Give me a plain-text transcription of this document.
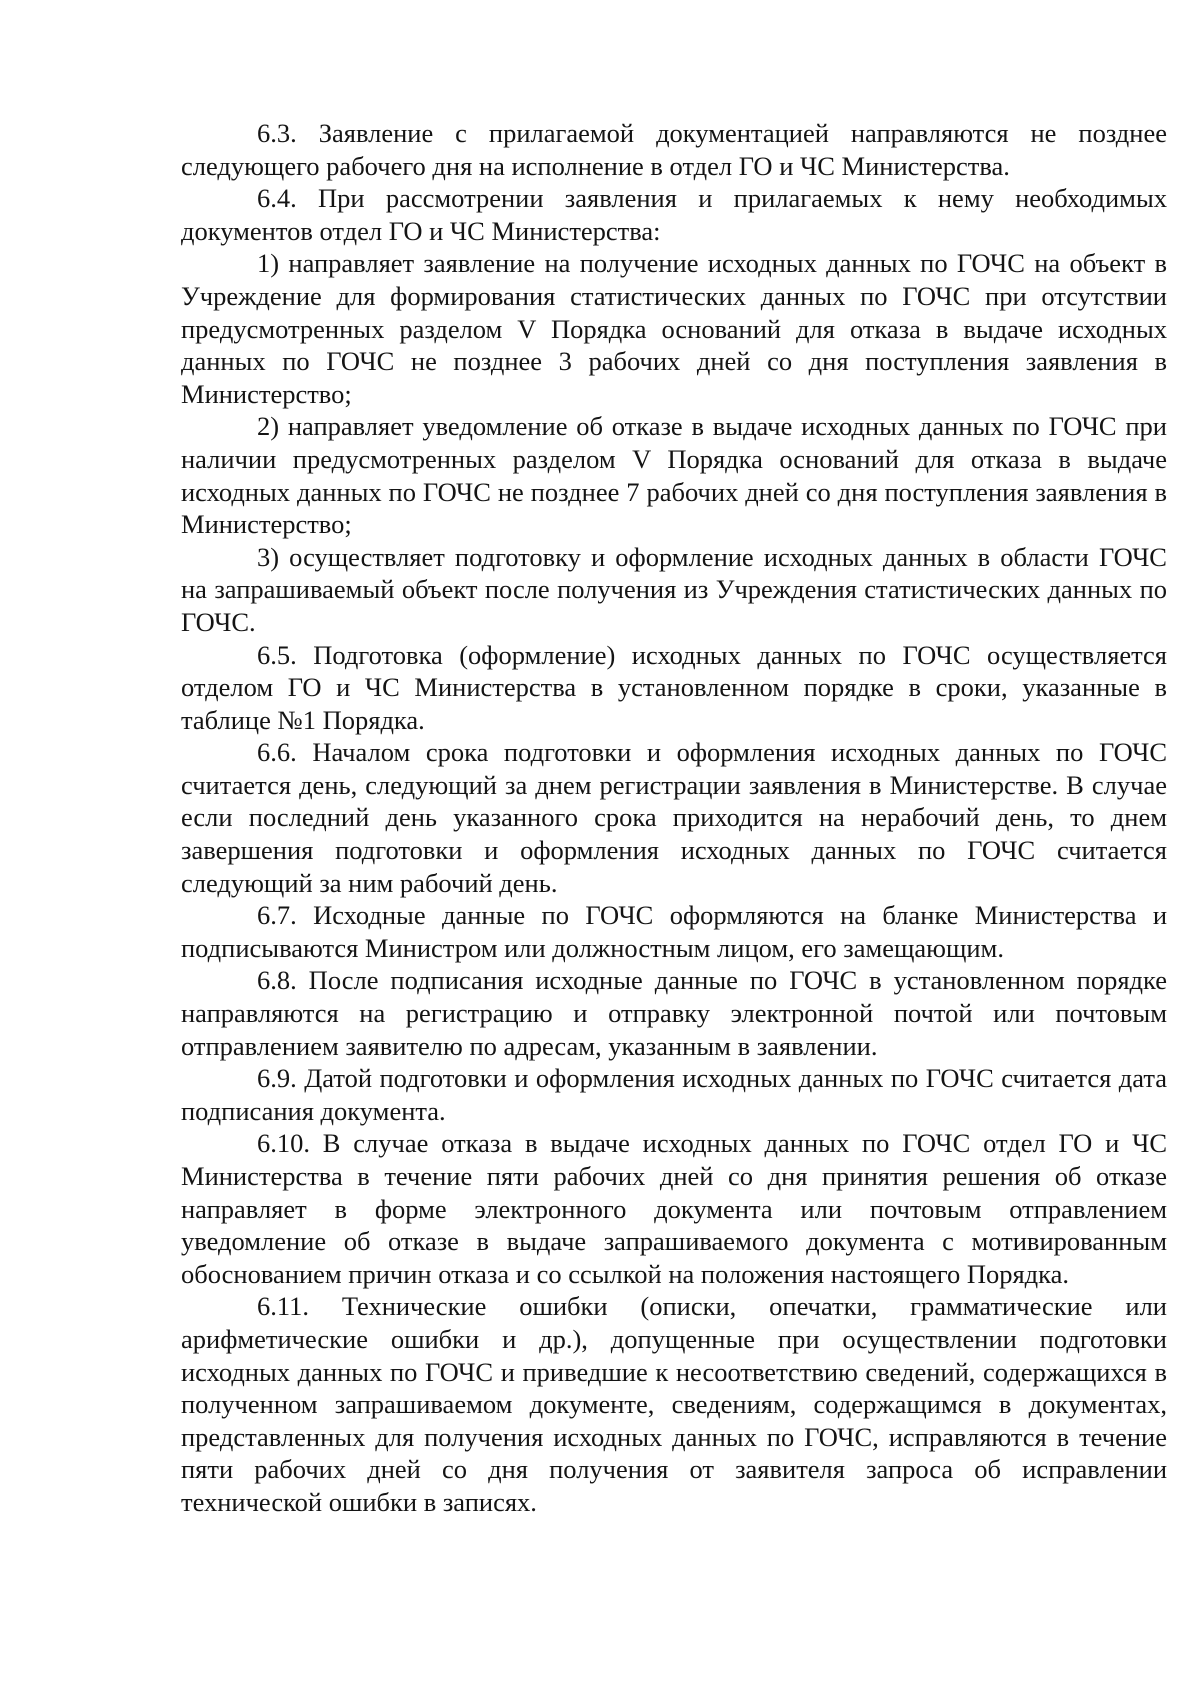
6.3. Заявление с прилагаемой документацией направляются не позднее следующего рабочего дня на исполнение в отдел ГО и ЧС Министерства.

6.4. При рассмотрении заявления и прилагаемых к нему необходимых документов отдел ГО и ЧС Министерства:

1) направляет заявление на получение исходных данных по ГОЧС на объект в Учреждение для формирования статистических данных по ГОЧС при отсутствии предусмотренных разделом V Порядка оснований для отказа в выдаче исходных данных по ГОЧС не позднее 3 рабочих дней со дня поступления заявления в Министерство;

2) направляет уведомление об отказе в выдаче исходных данных по ГОЧС при наличии предусмотренных разделом V Порядка оснований для отказа в выдаче исходных данных по ГОЧС не позднее 7 рабочих дней со дня поступления заявления в Министерство;

3) осуществляет подготовку и оформление исходных данных в области ГОЧС на запрашиваемый объект после получения из Учреждения статистических данных по ГОЧС.

6.5. Подготовка (оформление) исходных данных по ГОЧС осуществляется отделом ГО и ЧС Министерства в установленном порядке в сроки, указанные в таблице №1 Порядка.

6.6. Началом срока подготовки и оформления исходных данных по ГОЧС считается день, следующий за днем регистрации заявления в Министерстве. В случае если последний день указанного срока приходится на нерабочий день, то днем завершения подготовки и оформления исходных данных по ГОЧС считается следующий за ним рабочий день.

6.7. Исходные данные по ГОЧС оформляются на бланке Министерства и подписываются Министром или должностным лицом, его замещающим.

6.8. После подписания исходные данные по ГОЧС в установленном порядке направляются на регистрацию и отправку электронной почтой или почтовым отправлением заявителю по адресам, указанным в заявлении.

6.9. Датой подготовки и оформления исходных данных по ГОЧС считается дата подписания документа.

6.10. В случае отказа в выдаче исходных данных по ГОЧС отдел ГО и ЧС Министерства в течение пяти рабочих дней со дня принятия решения об отказе направляет в форме электронного документа или почтовым отправлением уведомление об отказе в выдаче запрашиваемого документа с мотивированным обоснованием причин отказа и со ссылкой на положения настоящего Порядка.

6.11. Технические ошибки (описки, опечатки, грамматические или арифметические ошибки и др.), допущенные при осуществлении подготовки исходных данных по ГОЧС и приведшие к несоответствию сведений, содержащихся в полученном запрашиваемом документе, сведениям, содержащимся в документах, представленных для получения исходных данных по ГОЧС, исправляются в течение пяти рабочих дней со дня получения от заявителя запроса об исправлении технической ошибки в записях.
